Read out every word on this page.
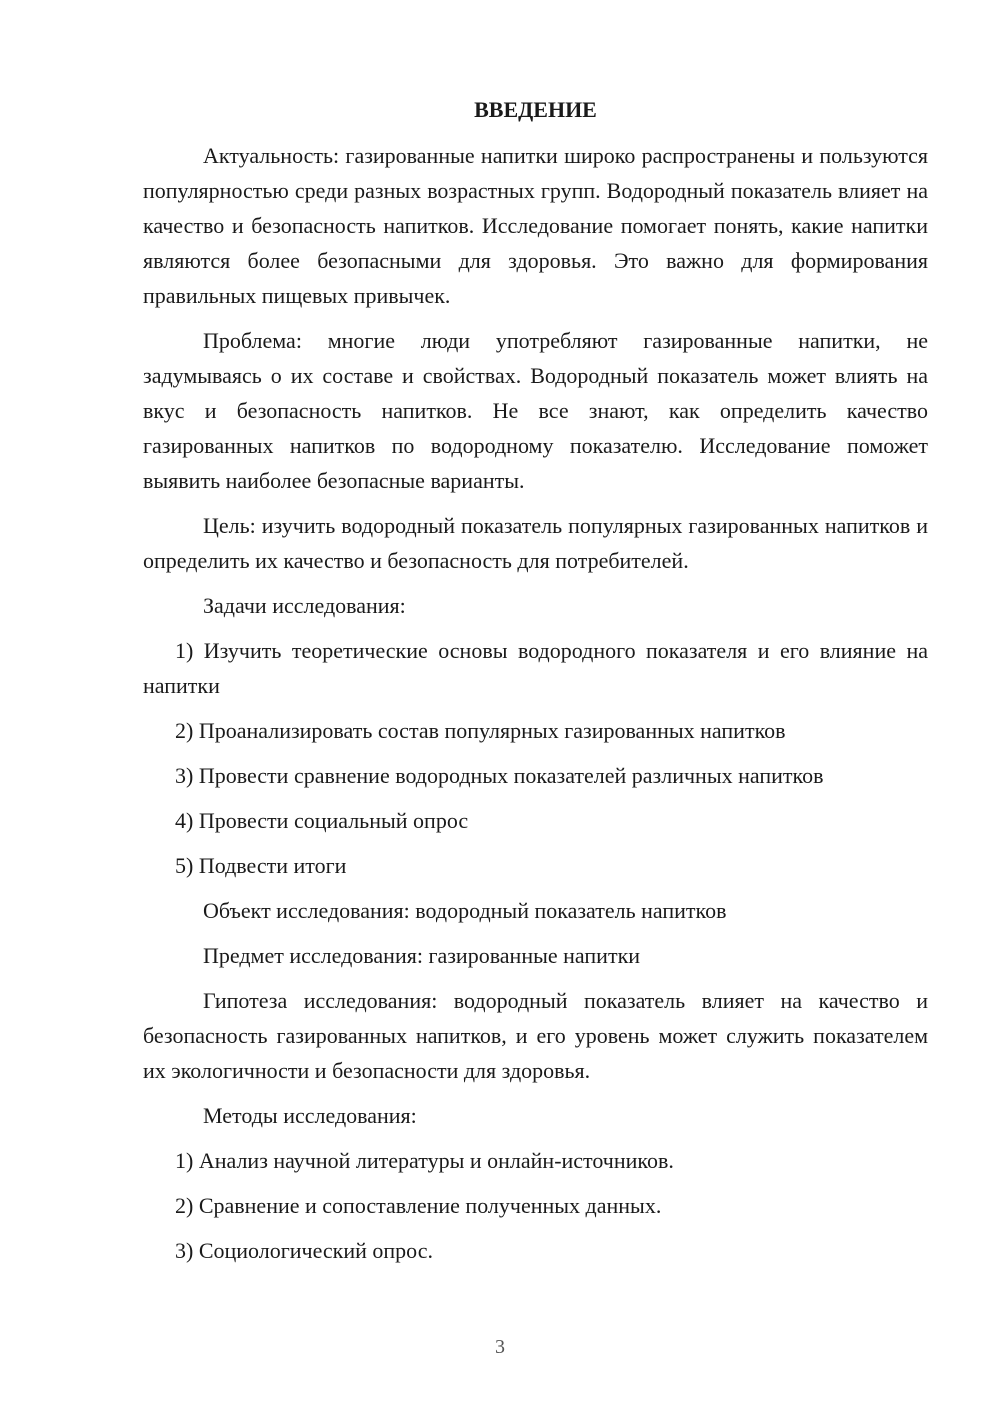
ВВЕДЕНИЕ

Актуальность: газированные напитки широко распространены и пользуются популярностью среди разных возрастных групп. Водородный показатель влияет на качество и безопасность напитков. Исследование помогает понять, какие напитки являются более безопасными для здоровья. Это важно для формирования правильных пищевых привычек.

Проблема: многие люди употребляют газированные напитки, не задумываясь о их составе и свойствах. Водородный показатель может влиять на вкус и безопасность напитков. Не все знают, как определить качество газированных напитков по водородному показателю. Исследование поможет выявить наиболее безопасные варианты.

Цель: изучить водородный показатель популярных газированных напитков и определить их качество и безопасность для потребителей.

Задачи исследования:

1) Изучить теоретические основы водородного показателя и его влияние на напитки

2) Проанализировать состав популярных газированных напитков

3) Провести сравнение водородных показателей различных напитков

4) Провести социальный опрос

5) Подвести итоги

Объект исследования: водородный показатель напитков

Предмет исследования: газированные напитки

Гипотеза исследования: водородный показатель влияет на качество и безопасность газированных напитков, и его уровень может служить показателем их экологичности и безопасности для здоровья.

Методы исследования:

1) Анализ научной литературы и онлайн-источников.

2) Сравнение и сопоставление полученных данных.

3) Социологический опрос.

3
